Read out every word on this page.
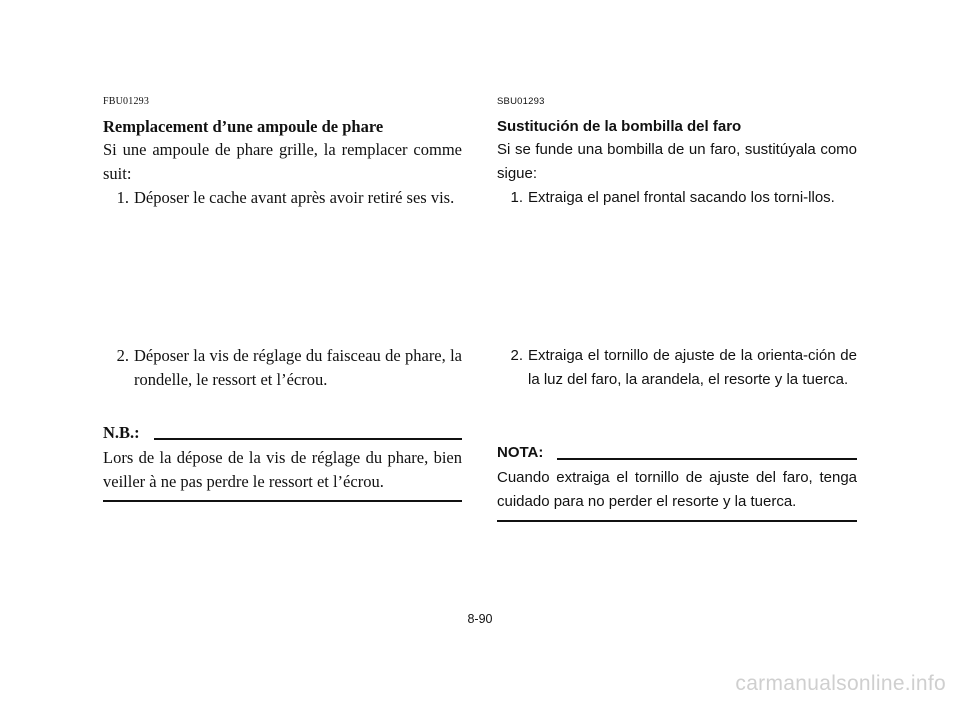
FBU01293

Remplacement d’une ampoule de phare

Si une ampoule de phare grille, la remplacer comme suit:

1. Déposer le cache avant après avoir retiré ses vis.
2. Déposer la vis de réglage du faisceau de phare, la rondelle, le ressort et l’écrou.
N.B.:

Lors de la dépose de la vis de réglage du phare, bien veiller à ne pas perdre le ressort et l’écrou.

SBU01293

Sustitución de la bombilla del faro

Si se funde una bombilla de un faro, sustitúyala como sigue:

1. Extraiga el panel frontal sacando los torni-llos.
2. Extraiga el tornillo de ajuste de la orienta-ción de la luz del faro, la arandela, el resorte y la tuerca.
NOTA:

Cuando extraiga el tornillo de ajuste del faro, tenga cuidado para no perder el resorte y la tuerca.

8-90
carmanualsonline.info
